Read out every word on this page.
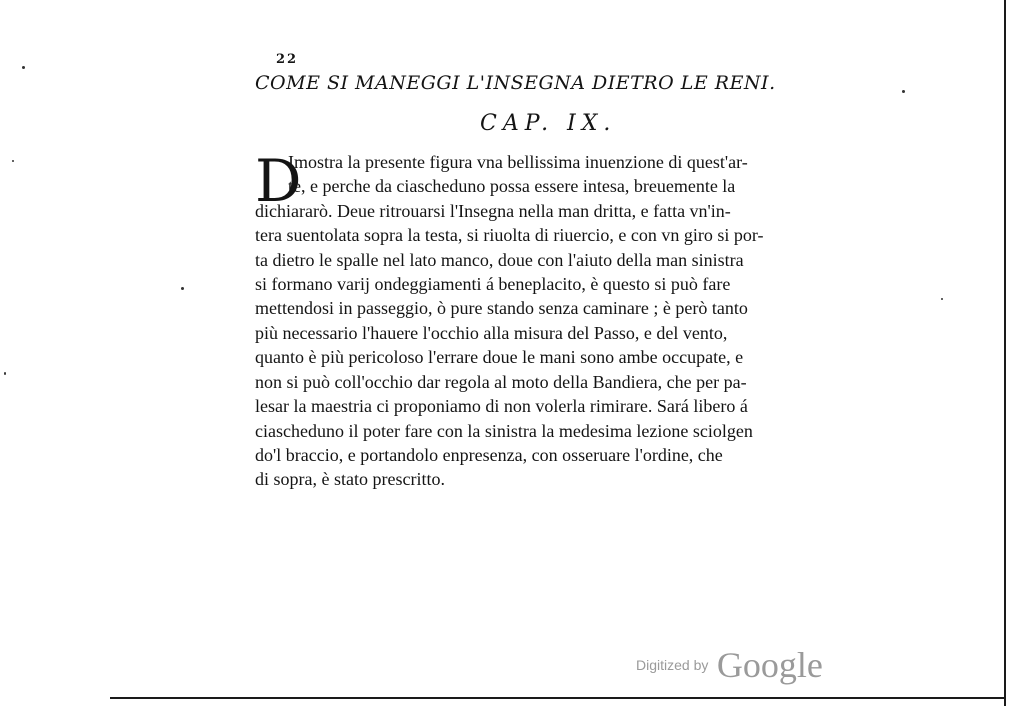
22
COME SI MANEGGI L'INSEGNA DIETRO LE RENI.
CAP. IX.
D
Imostra la presente figura vna bellissima inuenzione di quest'ar-
te, e perche da ciascheduno possa essere intesa, breuemente la
dichiararò. Deue ritrouarsi l'Insegna nella man dritta, e fatta vn'in-
tera suentolata sopra la testa, si riuolta di riuercio, e con vn giro si por-
ta dietro le spalle nel lato manco, doue con l'aiuto della man sinistra
si formano varij ondeggiamenti á beneplacito, è questo si può fare
mettendosi in passeggio, ò pure stando senza caminare ; è però tanto
più necessario l'hauere l'occhio alla misura del Passo, e del vento,
quanto è più pericoloso l'errare doue le mani sono ambe occupate, e
non si può coll'occhio dar regola al moto della Bandiera, che per pa-
lesar la maestria ci proponiamo di non volerla rimirare. Sará libero á
ciascheduno il poter fare con la sinistra la medesima lezione sciolgen
do'l braccio, e portandolo enpresenza, con osseruare l'ordine, che
di sopra, è stato prescritto.
Digitized by Google
